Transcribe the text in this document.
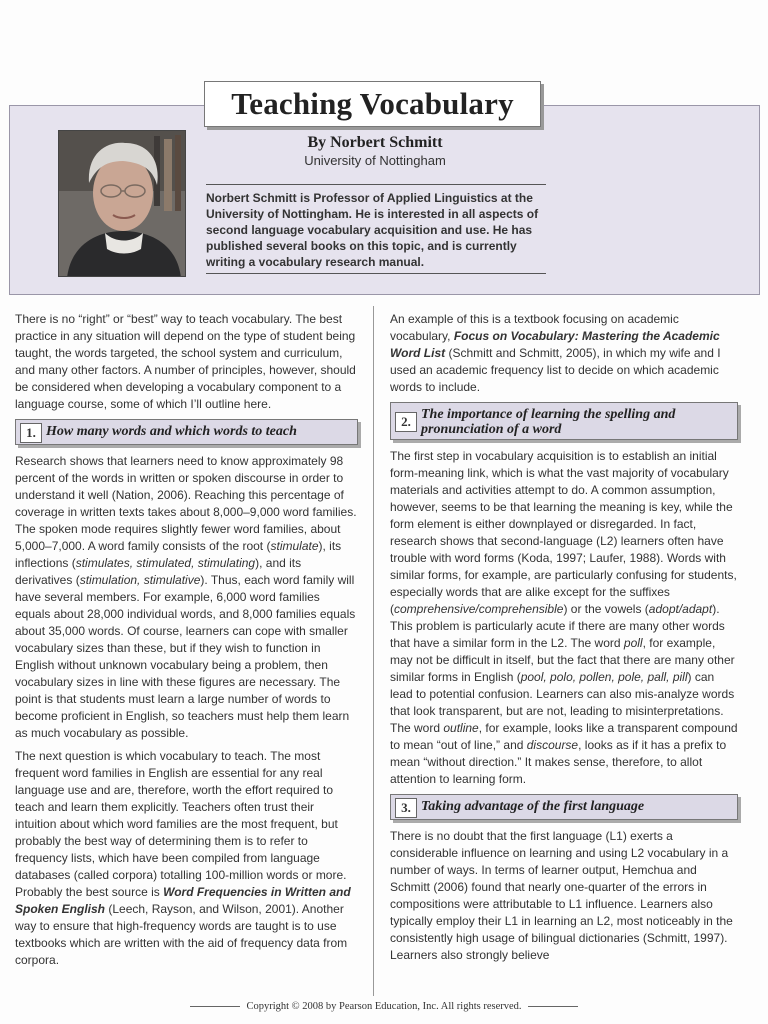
Teaching Vocabulary
By Norbert Schmitt
University of Nottingham
Norbert Schmitt is Professor of Applied Linguistics at the University of Nottingham. He is interested in all aspects of second language vocabulary acquisition and use. He has published several books on this topic, and is currently writing a vocabulary research manual.

There is no “right” or “best” way to teach vocabulary. The best practice in any situation will depend on the type of student being taught, the words targeted, the school system and curriculum, and many other factors. A number of principles, however, should be considered when developing a vocabulary component to a language course, some of which I’ll outline here.

1. How many words and which words to teach

Research shows that learners need to know approximately 98 percent of the words in written or spoken discourse in order to understand it well (Nation, 2006). Reaching this percentage of coverage in written texts takes about 8,000–9,000 word families. The spoken mode requires slightly fewer word families, about 5,000–7,000. A word family consists of the root (stimulate), its inflections (stimulates, stimulated, stimulating), and its derivatives (stimulation, stimulative). Thus, each word family will have several members. For example, 6,000 word families equals about 28,000 individual words, and 8,000 families equals about 35,000 words. Of course, learners can cope with smaller vocabulary sizes than these, but if they wish to function in English without unknown vocabulary being a problem, then vocabulary sizes in line with these figures are necessary. The point is that students must learn a large number of words to become proficient in English, so teachers must help them learn as much vocabulary as possible.

The next question is which vocabulary to teach. The most frequent word families in English are essential for any real language use and are, therefore, worth the effort required to teach and learn them explicitly. Teachers often trust their intuition about which word families are the most frequent, but probably the best way of determining them is to refer to frequency lists, which have been compiled from language databases (called corpora) totalling 100-million words or more. Probably the best source is Word Frequencies in Written and Spoken English (Leech, Rayson, and Wilson, 2001). Another way to ensure that high-frequency words are taught is to use textbooks which are written with the aid of frequency data from corpora.

An example of this is a textbook focusing on academic vocabulary, Focus on Vocabulary: Mastering the Academic Word List (Schmitt and Schmitt, 2005), in which my wife and I used an academic frequency list to decide on which academic words to include.

2. The importance of learning the spelling and pronunciation of a word

The first step in vocabulary acquisition is to establish an initial form-meaning link, which is what the vast majority of vocabulary materials and activities attempt to do. A common assumption, however, seems to be that learning the meaning is key, while the form element is either downplayed or disregarded. In fact, research shows that second-language (L2) learners often have trouble with word forms (Koda, 1997; Laufer, 1988). Words with similar forms, for example, are particularly confusing for students, especially words that are alike except for the suffixes (comprehensive/comprehensible) or the vowels (adopt/adapt). This problem is particularly acute if there are many other words that have a similar form in the L2. The word poll, for example, may not be difficult in itself, but the fact that there are many other similar forms in English (pool, polo, pollen, pole, pall, pill) can lead to potential confusion. Learners can also mis-analyze words that look transparent, but are not, leading to misinterpretations. The word outline, for example, looks like a transparent compound to mean “out of line,” and discourse, looks as if it has a prefix to mean “without direction.” It makes sense, therefore, to allot attention to learning form.

3. Taking advantage of the first language

There is no doubt that the first language (L1) exerts a considerable influence on learning and using L2 vocabulary in a number of ways. In terms of learner output, Hemchua and Schmitt (2006) found that nearly one-quarter of the errors in compositions were attributable to L1 influence. Learners also typically employ their L1 in learning an L2, most noticeably in the consistently high usage of bilingual dictionaries (Schmitt, 1997). Learners also strongly believe

Copyright © 2008 by Pearson Education, Inc. All rights reserved.
